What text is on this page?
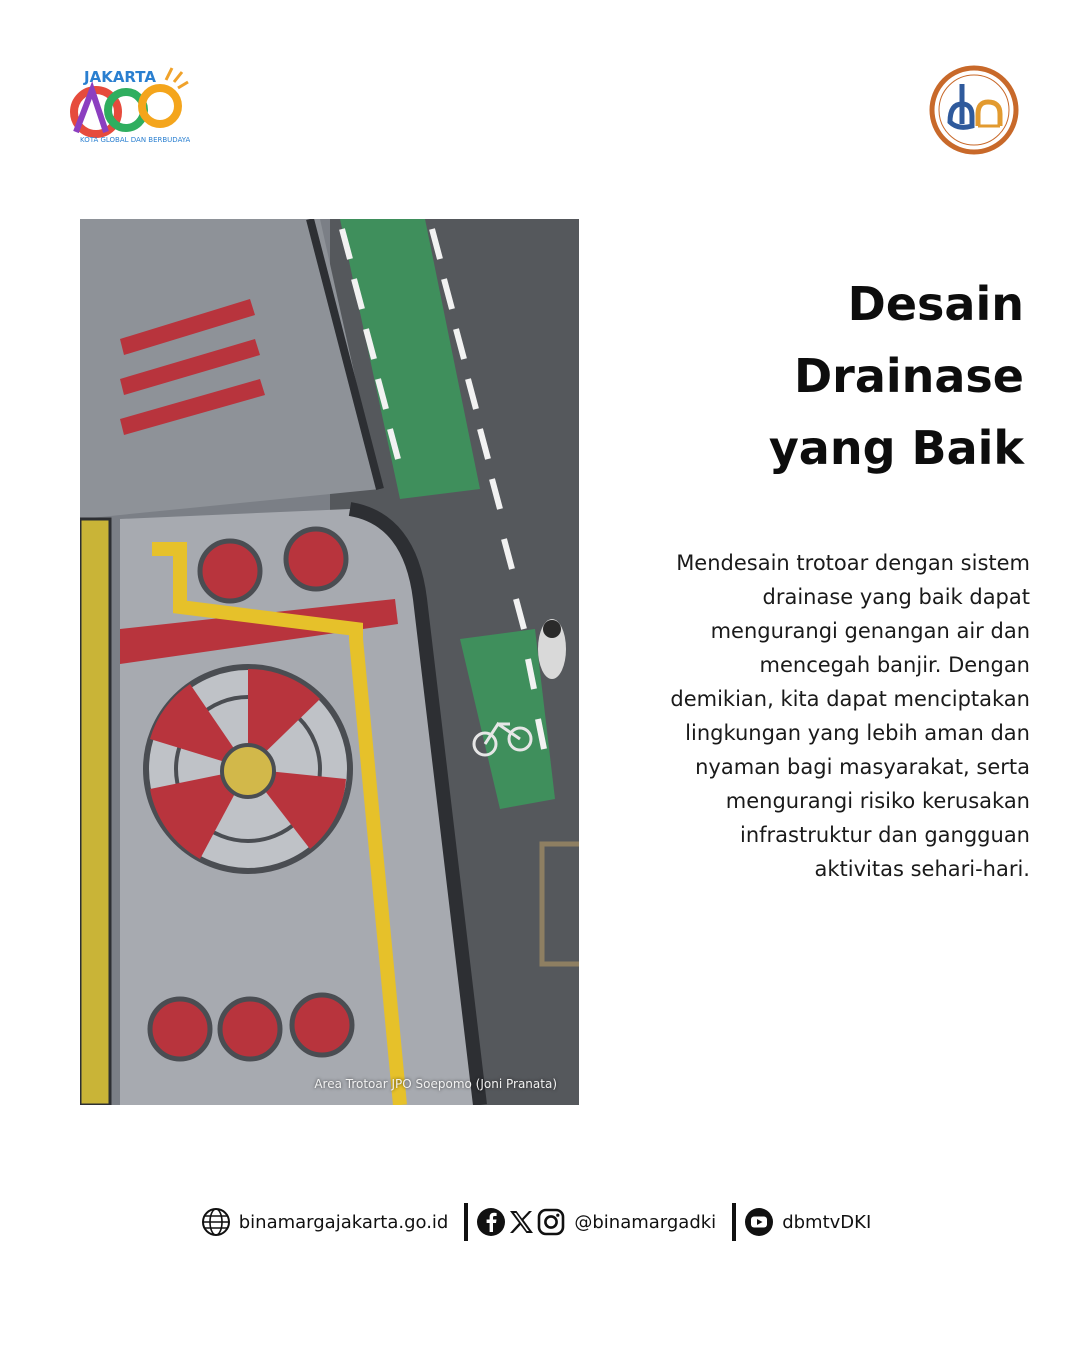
JAKARTA
KOTA GLOBAL DAN BERBUDAYA
Area Trotoar JPO Soepomo (Joni Pranata)
Desain
Drainase
yang Baik
Mendesain trotoar dengan sistem
drainase yang baik dapat
mengurangi genangan air dan
mencegah banjir. Dengan
demikian, kita dapat menciptakan
lingkungan yang lebih aman dan
nyaman bagi masyarakat, serta
mengurangi risiko kerusakan
infrastruktur dan gangguan
aktivitas sehari-hari.
binamargajakarta.go.id	@binamargadki	dbmtvDKI
